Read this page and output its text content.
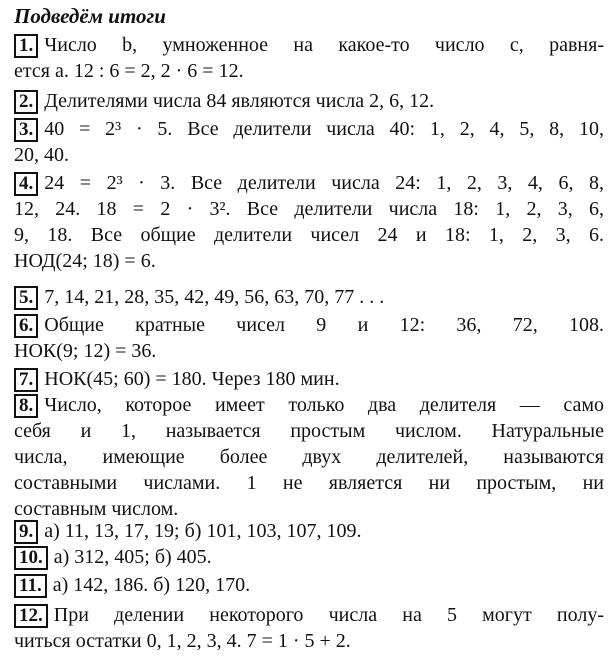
Подведём итоги
1. Число b, умноженное на какое-то число c, равня-
ется a. 12 : 6 = 2, 2 · 6 = 12.
2. Делителями числа 84 являются числа 2, 6, 12.
3. 40 = 2³ · 5. Все делители числа 40: 1, 2, 4, 5, 8, 10,
20, 40.
4. 24 = 2³ · 3. Все делители числа 24: 1, 2, 3, 4, 6, 8,
12, 24. 18 = 2 · 3². Все делители числа 18: 1, 2, 3, 6,
9, 18. Все общие делители чисел 24 и 18: 1, 2, 3, 6.
НОД(24; 18) = 6.
5. 7, 14, 21, 28, 35, 42, 49, 56, 63, 70, 77 . . .
6. Общие кратные чисел 9 и 12: 36, 72, 108.
НОК(9; 12) = 36.
7. НОК(45; 60) = 180. Через 180 мин.
8. Число, которое имеет только два делителя — само
себя и 1, называется простым числом. Натуральные
числа, имеющие более двух делителей, называются
составными числами. 1 не является ни простым, ни
составным числом.
9. а) 11, 13, 17, 19; б) 101, 103, 107, 109.
10. а) 312, 405; б) 405.
11. а) 142, 186. б) 120, 170.
12. При делении некоторого числа на 5 могут полу-
читься остатки 0, 1, 2, 3, 4. 7 = 1 · 5 + 2.
